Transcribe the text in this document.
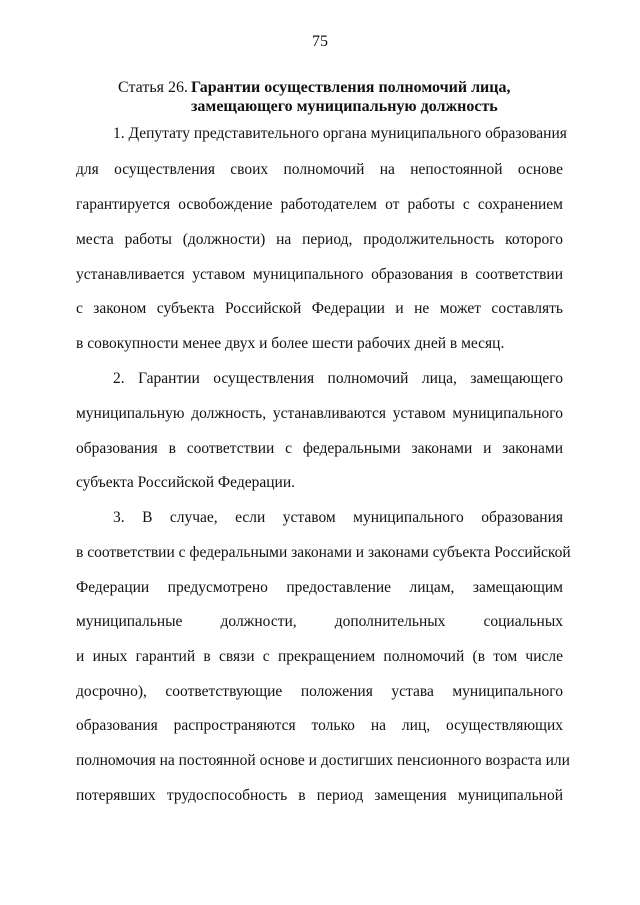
75
Статья 26. Гарантии осуществления полномочий лица,
замещающего муниципальную должность
1. Депутату представительного органа муниципального образования
для осуществления своих полномочий на непостоянной основе
гарантируется освобождение работодателем от работы с сохранением
места работы (должности) на период, продолжительность которого
устанавливается уставом муниципального образования в соответствии
с законом субъекта Российской Федерации и не может составлять
в совокупности менее двух и более шести рабочих дней в месяц.
2. Гарантии осуществления полномочий лица, замещающего
муниципальную должность, устанавливаются уставом муниципального
образования в соответствии с федеральными законами и законами
субъекта Российской Федерации.
3. В случае, если уставом муниципального образования
в соответствии с федеральными законами и законами субъекта Российской
Федерации предусмотрено предоставление лицам, замещающим
муниципальные должности, дополнительных социальных
и иных гарантий в связи с прекращением полномочий (в том числе
досрочно), соответствующие положения устава муниципального
образования распространяются только на лиц, осуществляющих
полномочия на постоянной основе и достигших пенсионного возраста или
потерявших трудоспособность в период замещения муниципальной
